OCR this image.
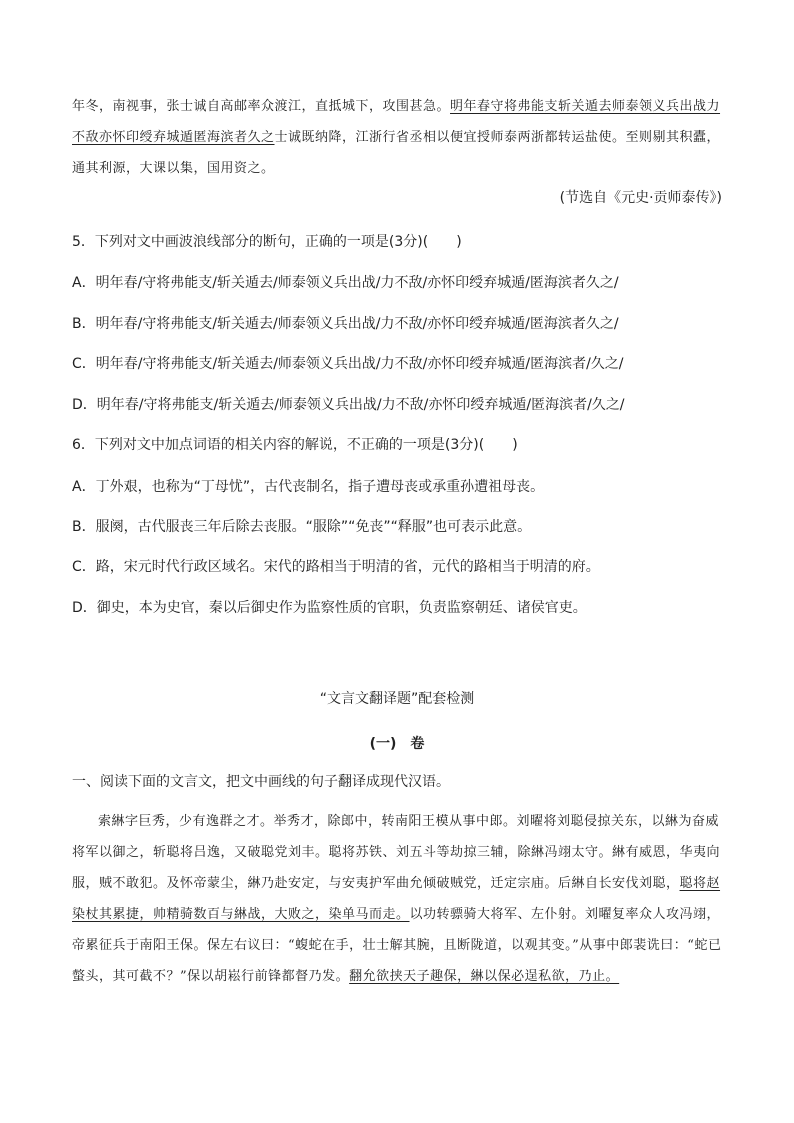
年冬，南视事，张士诚自高邮率众渡江，直抵城下，攻围甚急。明年春守将弗能支斩关遁去师泰领义兵出战力不敌亦怀印绶弃城遁匿海滨者久之士诚既纳降，江浙行省丞相以便宜授师泰两浙都转运盐使。至则剔其积蠹，通其利源，大课以集，国用资之。
(节选自《元史·贡师泰传》)
5．下列对文中画波浪线部分的断句，正确的一项是(3分)(　　)
A．明年春/守将弗能支/斩关遁去/师泰领义兵出战/力不敌/亦怀印绶弃城遁/匿海滨者久之/
B．明年春/守将弗能支/斩关遁去/师泰领义兵出战/力不敌/亦怀印绶弃城遁/匿海滨者久之/
C．明年春/守将弗能支/斩关遁去/师泰领义兵出战/力不敌/亦怀印绶弃城遁/匿海滨者/久之/
D．明年春/守将弗能支/斩关遁去/师泰领义兵出战/力不敌/亦怀印绶弃城遁/匿海滨者/久之/
6．下列对文中加点词语的相关内容的解说，不正确的一项是(3分)(　　)
A．丁外艰，也称为“丁母忧”，古代丧制名，指子遭母丧或承重孙遭祖母丧。
B．服阕，古代服丧三年后除去丧服。“服除”“免丧”“释服”也可表示此意。
C．路，宋元时代行政区域名。宋代的路相当于明清的省，元代的路相当于明清的府。
D．御史，本为史官，秦以后御史作为监察性质的官职，负责监察朝廷、诸侯官吏。
“文言文翻译题”配套检测
(一)　卷
一、阅读下面的文言文，把文中画线的句子翻译成现代汉语。
索綝字巨秀，少有逸群之才。举秀才，除郎中，转南阳王模从事中郎。刘曜将刘聪侵掠关东，以綝为奋威将军以御之，斩聪将吕逸，又破聪党刘丰。聪将苏铁、刘五斗等劫掠三辅，除綝冯翊太守。綝有威恩，华夷向服，贼不敢犯。及怀帝蒙尘，綝乃赴安定，与安夷护军曲允倾破贼党，迁定宗庙。后綝自长安伐刘聪，聪将赵染杖其累捷，帅精骑数百与綝战，大败之，染单马而走。以功转骠骑大将军、左仆射。刘曜复率众人攻冯翊，帝累征兵于南阳王保。保左右议曰：“蝮蛇在手，壮士解其腕，且断陇道，以观其变。”从事中郎裴诜曰：“蛇已螫头，其可截不？”保以胡崧行前锋都督乃发。翻允欲挟天子趣保，綝以保必逞私欲，乃止。
